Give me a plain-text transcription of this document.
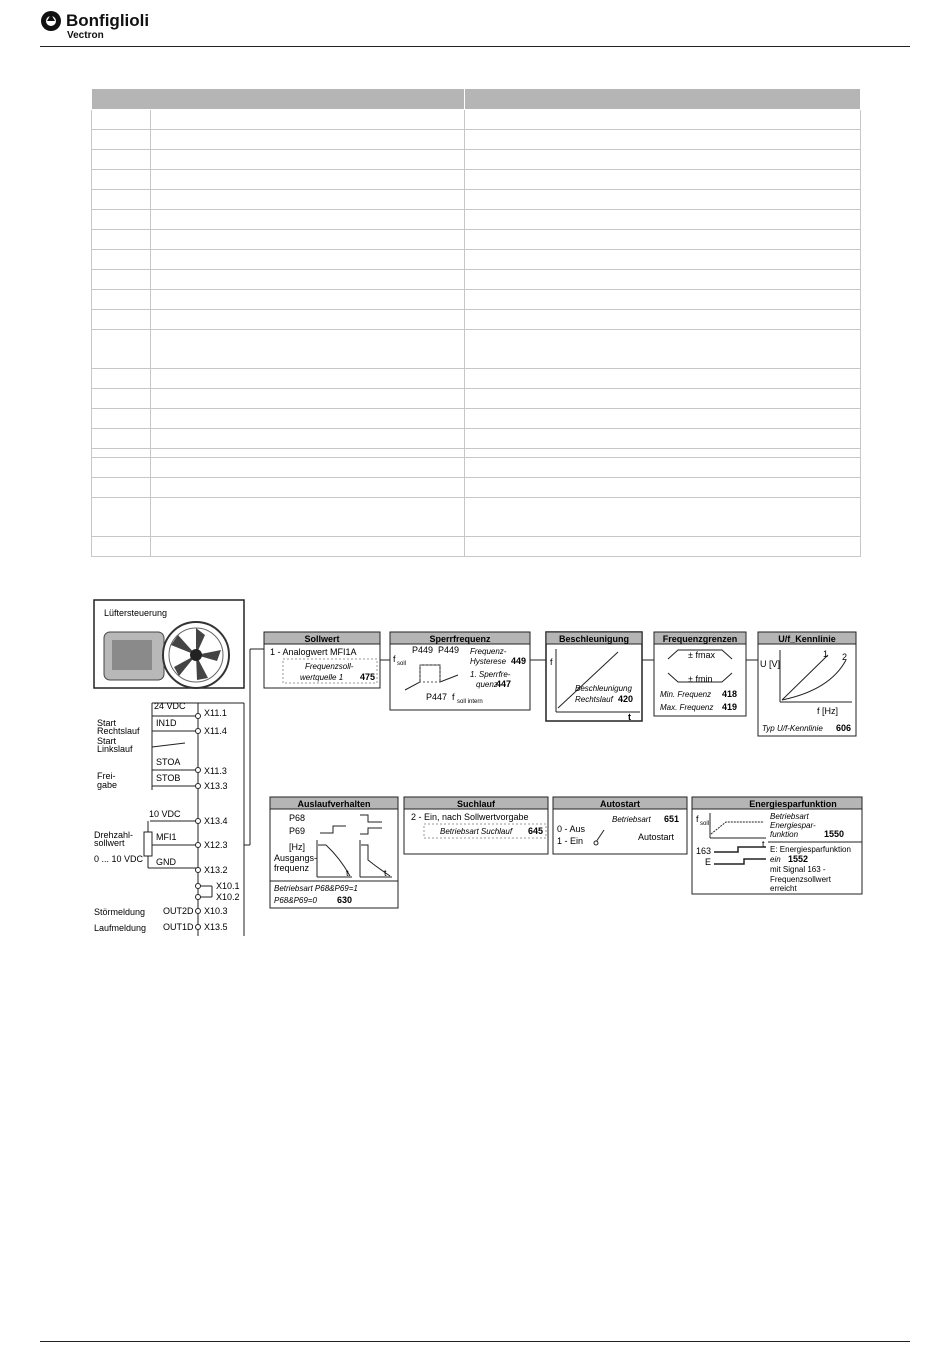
Bonfiglioli
Vectron

Lüftersteuerung
24 VDC
Start
Rechtslauf
Start
Linkslauf
IN1D
Frei-
gabe
STOA
STOB
10 VDC
Drehzahl-
sollwert
0 ... 10 VDC
MFI1
GND
Störmeldung
Laufmeldung
OUT2D
OUT1D
X11.1
X11.4
X11.3
X13.3
X13.4
X12.3
X13.2
X10.1
X10.2
X10.3
X13.5
Sollwert
1 - Analogwert MFI1A
Frequenzsoll-
wertquelle 1 475
Sperrfrequenz
P449 P449
f soll
Frequenz-
Hysterese 449
1. Sperrfre-
quenz
447
P447 f soll intern
Beschleunigung
f
t
Beschleunigung
Rechtslauf 420
Frequenzgrenzen
± fmax
± fmin
Min. Frequenz 418
Max. Frequenz 419
U/f_Kennlinie
U [V]
f [Hz]
1 2
Typ U/f-Kennlinie 606
Auslaufverhalten
P68
P69
[Hz]
Ausgangs-
frequenz	t	t
Betriebsart P68&P69=1
P68&P69=0 630
Suchlauf
2 - Ein, nach Sollwertvorgabe
Betriebsart Suchlauf 645
Autostart
Betriebsart 651
0 - Aus
1 - Ein	Autostart
Energiesparfunktion
f soll
t
Betriebsart
Energiespar-
funktion	1550
163
E
E: Energiesparfunktion
ein 1552
mit Signal 163 -
Frequenzsollwert
erreicht
